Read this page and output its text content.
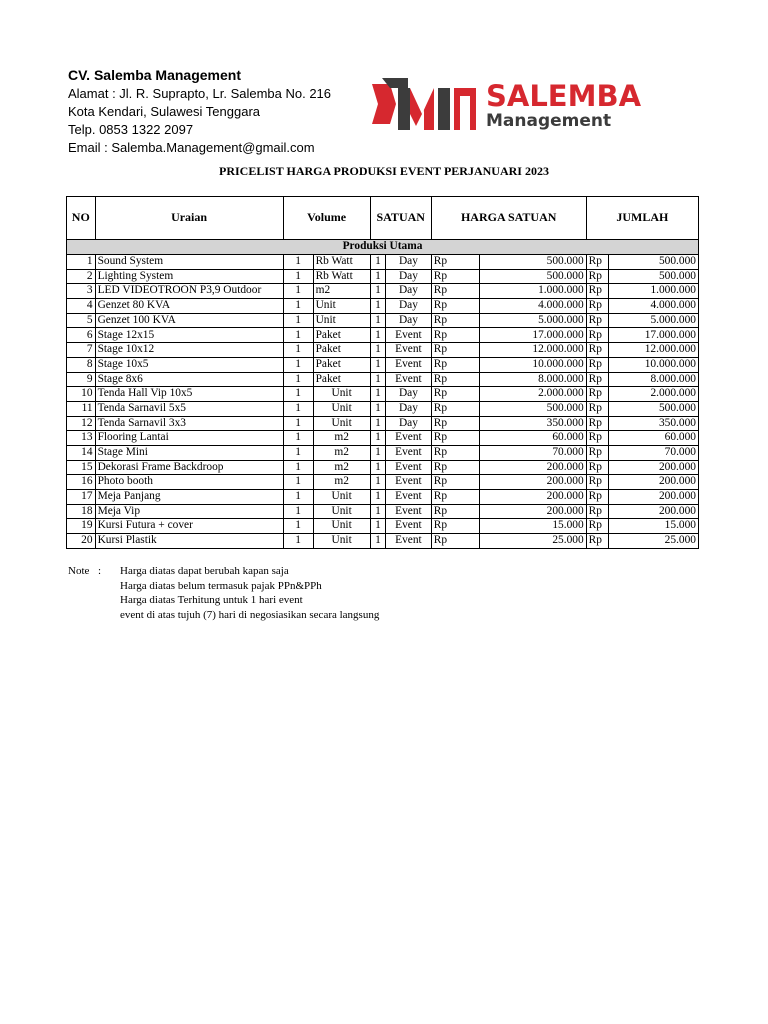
CV. Salemba Management
Alamat : Jl. R. Suprapto, Lr. Salemba No. 216
Kota Kendari, Sulawesi Tenggara
Telp. 0853 1322 2097
Email : Salemba.Management@gmail.com
SALEMBA
Management
PRICELIST HARGA PRODUKSI EVENT PERJANUARI 2023
NO	Uraian	Volume		SATUAN		HARGA SATUAN		JUMLAH	
Produksi Utama									
1	Sound System	1	Rb Watt	1	Day	Rp	500.000	Rp	500.000
2	Lighting System	1	Rb Watt	1	Day	Rp	500.000	Rp	500.000
3	LED VIDEOTROON P3,9 Outdoor	1	m2	1	Day	Rp	1.000.000	Rp	1.000.000
4	Genzet 80 KVA	1	Unit	1	Day	Rp	4.000.000	Rp	4.000.000
5	Genzet 100 KVA	1	Unit	1	Day	Rp	5.000.000	Rp	5.000.000
6	Stage 12x15	1	Paket	1	Event	Rp	17.000.000	Rp	17.000.000
7	Stage 10x12	1	Paket	1	Event	Rp	12.000.000	Rp	12.000.000
8	Stage 10x5	1	Paket	1	Event	Rp	10.000.000	Rp	10.000.000
9	Stage 8x6	1	Paket	1	Event	Rp	8.000.000	Rp	8.000.000
10	Tenda Hall Vip 10x5	1	Unit	1	Day	Rp	2.000.000	Rp	2.000.000
11	Tenda Sarnavil 5x5	1	Unit	1	Day	Rp	500.000	Rp	500.000
12	Tenda Sarnavil 3x3	1	Unit	1	Day	Rp	350.000	Rp	350.000
13	Flooring Lantai	1	m2	1	Event	Rp	60.000	Rp	60.000
14	Stage Mini	1	m2	1	Event	Rp	70.000	Rp	70.000
15	Dekorasi Frame Backdroop	1	m2	1	Event	Rp	200.000	Rp	200.000
16	Photo booth	1	m2	1	Event	Rp	200.000	Rp	200.000
17	Meja Panjang	1	Unit	1	Event	Rp	200.000	Rp	200.000
18	Meja Vip	1	Unit	1	Event	Rp	200.000	Rp	200.000
19	Kursi Futura + cover	1	Unit	1	Event	Rp	15.000	Rp	15.000
20	Kursi Plastik	1	Unit	1	Event	Rp	25.000	Rp	25.000
Note : Harga diatas dapat berubah kapan saja
Harga diatas belum termasuk pajak PPn&PPh
Harga diatas Terhitung untuk 1 hari event
event di atas tujuh (7) hari di negosiasikan secara langsung
